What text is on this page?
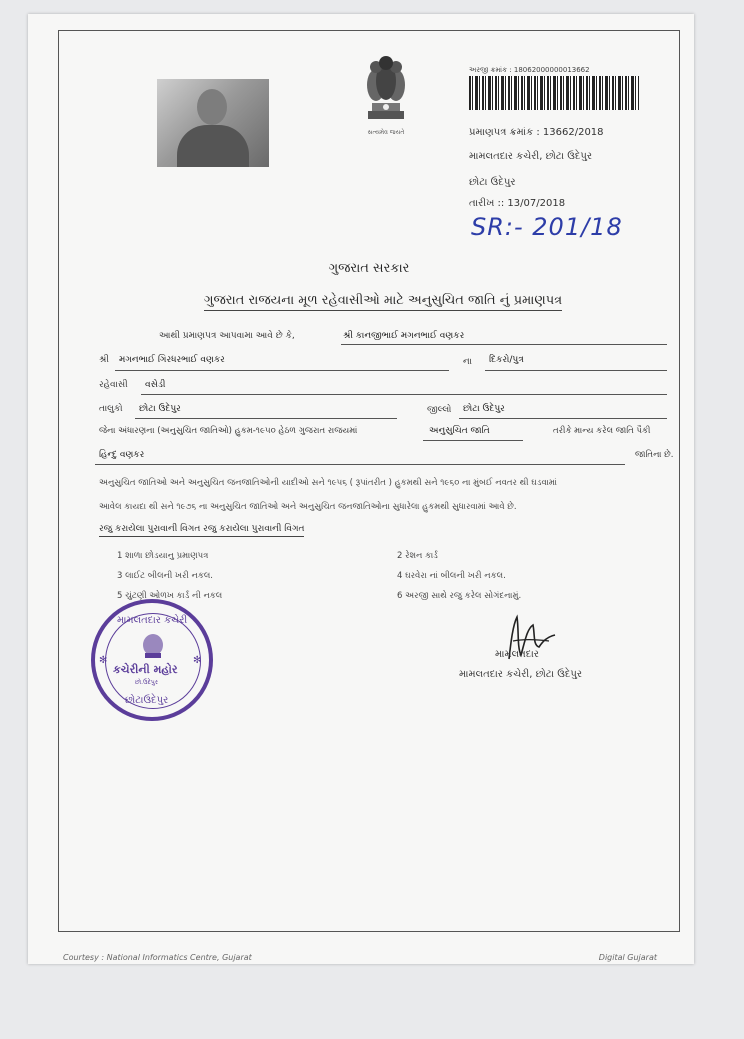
સત્યમેવ જયતે
અરજી ક્રમાંક : 18062000000013662
પ્રમાણપત્ર ક્રમાંક : 13662/2018
મામલતદાર કચેરી, છોટા ઉદેપુર
છોટા ઉદેપુર
તારીખ :: 13/07/2018
SR:- 201/18
ગુજરાત સરકાર
ગુજરાત રાજયના મૂળ રહેવાસીઓ માટે અનુસુચિત જાતિ નું પ્રમાણપત્ર
આથી પ્રમાણપત્ર આપવામા આવે છે કે,	શ્રી કાનજીભાઈ મગનભાઈ વણકર
શ્રી મગનભાઈ ગિરધરભાઈ વણકર	ના દિકરો/પુત્ર
રહેવાસી વસેડી
તાલુકો છોટા ઉદેપુર	જીલ્લો છોટા ઉદેપુર
જેના અંધારણના (અનુસુચિત જાતિઓ) હુકમ-૧૯૫૦ હેઠળ ગુજરાત રાજયમાં	અનુસુચિત જાતિ	તરીકે માન્ય કરેલ જાતિ પૈકી
હિન્દુ વણકર	જાતિના છે.
અનુસુચિત જાતિઓ અને અનુસુચિત જનજાતિઓની યાદીઓ સને ૧૯૫૬ ( રૂપાંતરીત ) હુકમથી સને ૧૯૬૦ ના મુંબઈ નવતર થી ઘડવામાં
આવેલ કાયદા થી સને ૧૯૭૬ ના અનુસુચિત જાતિઓ અને અનુસુચિત જનજાતિઓના સુધારેલા હુકમથી સુધારવામાં આવે છે.
રજુ કરાયેલા પુરાવાની વિગત રજુ કરાયેલા પુરાવાની વિગત
1 શાળા છોડયાનુ પ્રમાણપત્ર	2 રેશન કાર્ડ
3 લાઈટ બીલની ખરી નકલ.	4 ઘરવેરા નાં બીલની ખરી નકલ.
5 ચુંટણી ઓળખ કાર્ડ ની નકલ	6 અરજી સાથે રજુ કરેલ સોગંદનામું.
મામલતદાર કચેરી
કચેરીની મહોર
છો.ઉદેપુર
છોટાઉદેપુર
✻	✻
મામલતદાર
મામલતદાર કચેરી, છોટા ઉદેપુર
Courtesy : National Informatics Centre, Gujarat	Digital Gujarat
